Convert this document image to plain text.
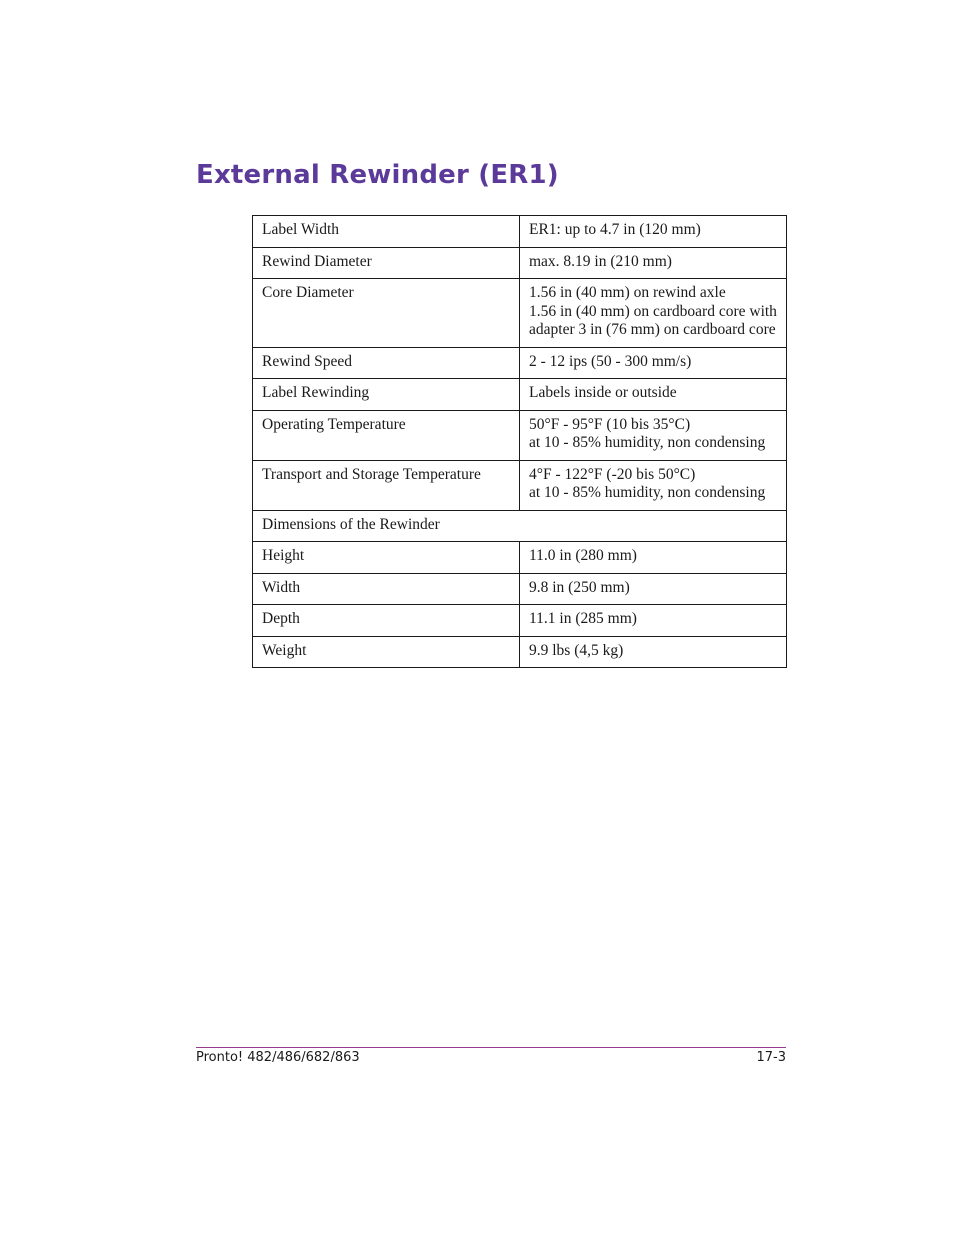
External Rewinder (ER1)
Label Width	ER1: up to 4.7 in (120 mm)

Rewind Diameter	max. 8.19 in (210 mm)

Core Diameter	1.56 in (40 mm) on rewind axle
1.56 in (40 mm) on cardboard core with adapter 3 in (76 mm) on cardboard core

Rewind Speed	2 - 12 ips (50 - 300 mm/s)

Label Rewinding	Labels inside or outside

Operating Temperature	50°F - 95°F (10 bis 35°C)
at 10 - 85% humidity, non condensing

Transport and Storage Temperature	4°F - 122°F (-20 bis 50°C)
at 10 - 85% humidity, non condensing

Dimensions of the Rewinder	
Height	11.0 in (280 mm)

Width	9.8 in (250 mm)

Depth	11.1 in (285 mm)

Weight	9.9 lbs (4,5 kg)
Pronto! 482/486/682/863	17-3
